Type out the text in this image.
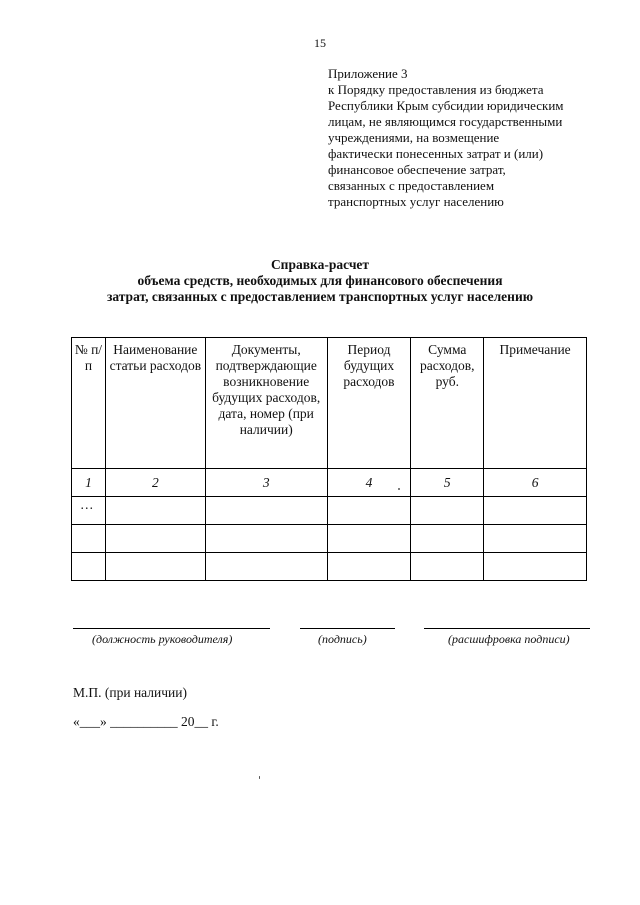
15
Приложение 3
к Порядку предоставления из бюджета
Республики Крым субсидии юридическим
лицам, не являющимся государственными
учреждениями, на возмещение
фактически понесенных затрат и (или)
финансовое обеспечение затрат,
связанных с предоставлением
транспортных услуг населению
Справка-расчет
объема средств, необходимых для финансового обеспечения
затрат, связанных с предоставлением транспортных услуг населению
№ п/п	Наименование статьи расходов	Документы, подтверждающие возникновение будущих расходов, дата, номер (при наличии)	Период будущих расходов	Сумма расходов, руб.	Примечание
1	2	3	4	5	6
…					

(должность руководителя)	(подпись)	(расшифровка подписи)
М.П. (при наличии)
«___» __________ 20__ г.
